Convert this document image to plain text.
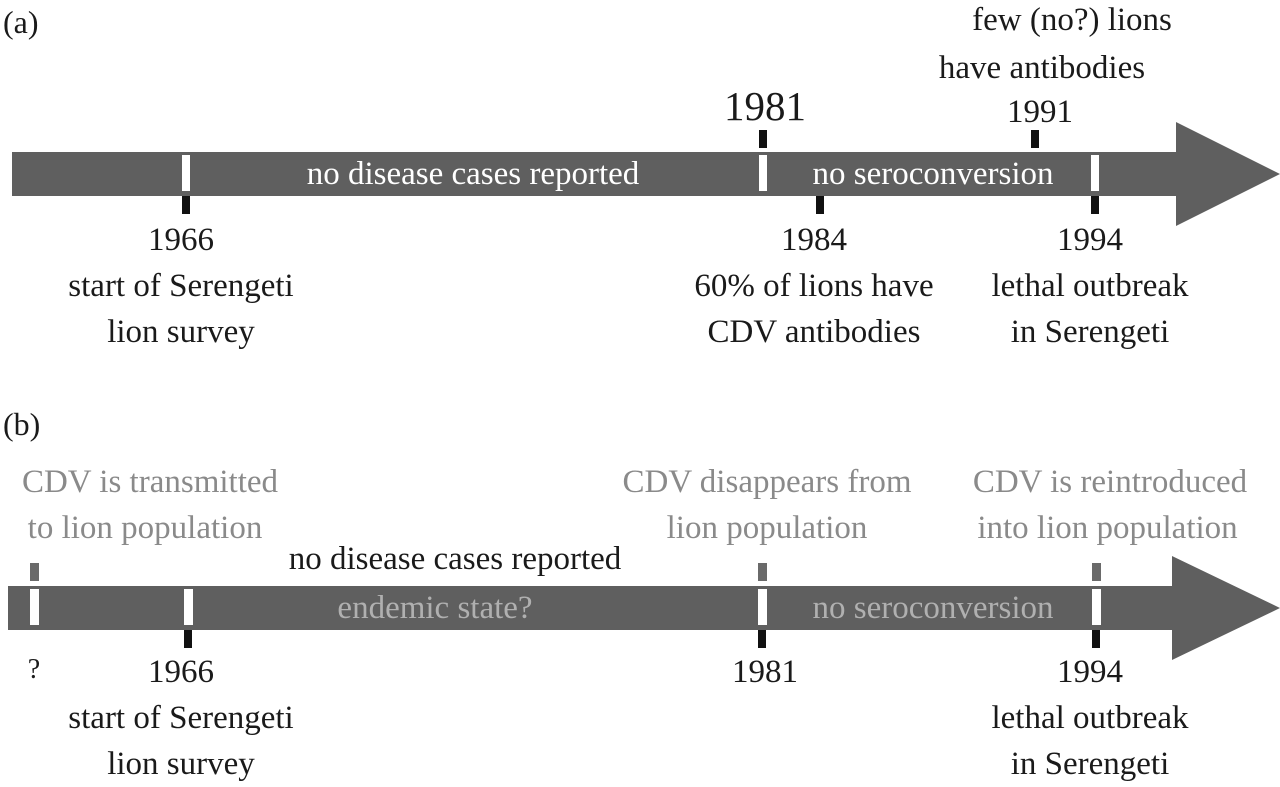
(a)
no disease cases reported	no seroconversion
1981
few (no?) lions
have antibodies
1991
1966
start of Serengeti
lion survey
1984
60% of lions have
CDV antibodies
1994
lethal outbreak
in Serengeti
(b)
CDV is transmitted
to lion population
CDV disappears from
lion population
CDV is reintroduced
into lion population
no disease cases reported
endemic state?	no seroconversion
?	1966
start of Serengeti
lion survey
1981	1994
lethal outbreak
in Serengeti
